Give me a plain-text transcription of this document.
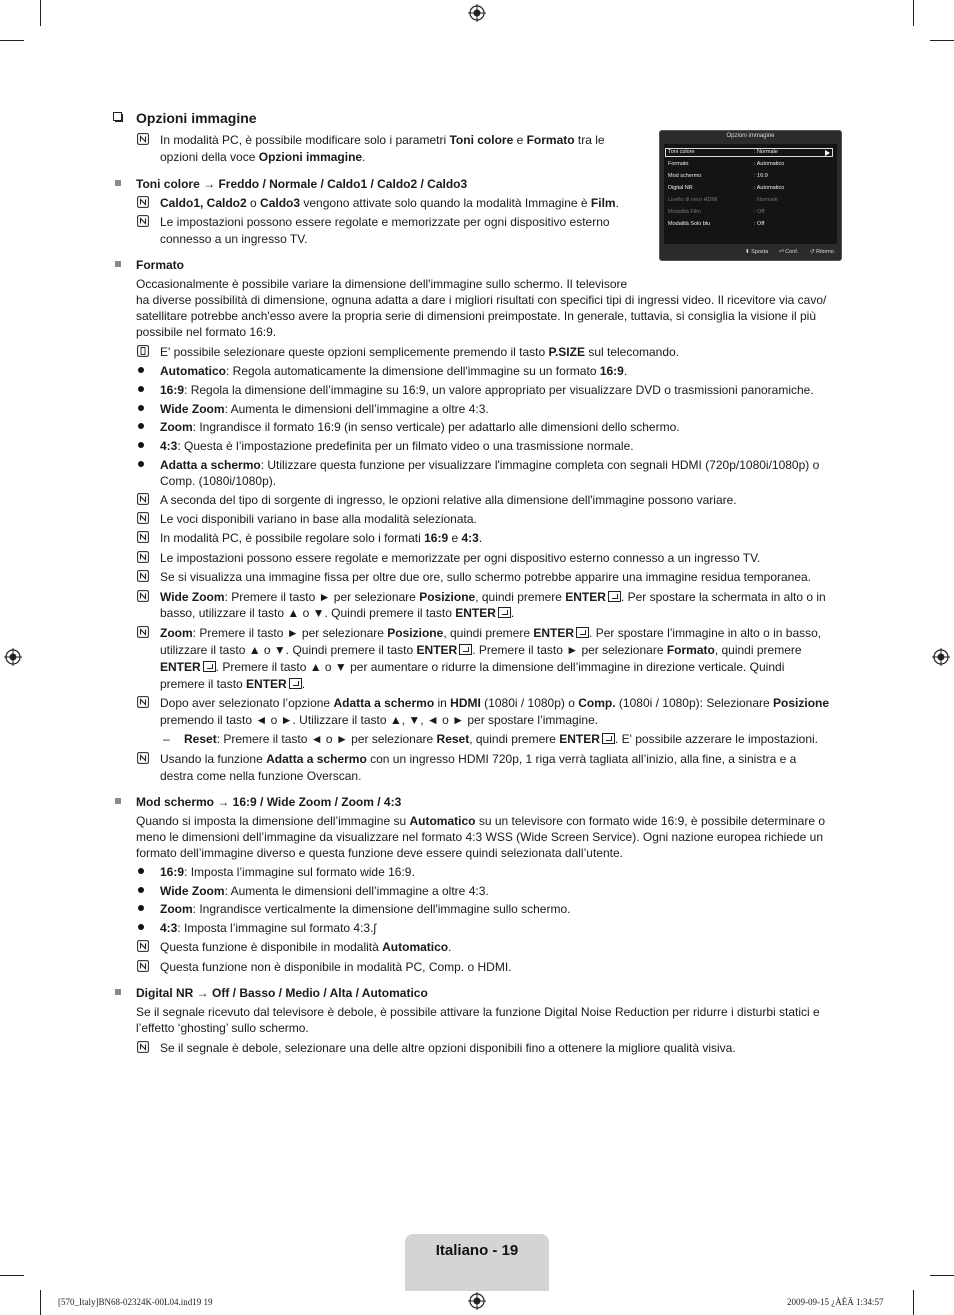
Opzioni immagine
In modalità PC, è possibile modificare solo i parametri Toni colore e Formato tra le
opzioni della voce Opzioni immagine.
Opzioni immagine
Toni colore	: Normale
Formato	: Automatico
Mod schermo	: 16:9
Digital NR	: Automatico
Livello di nero HDMI	: Normale
Modalità Film	: Off
Modalità Solo blu	: Off
⬍ Sposta ⏎ Conf. ↺ Ritorno
Toni colore → Freddo / Normale / Caldo1 / Caldo2 / Caldo3
Caldo1, Caldo2 o Caldo3 vengono attivate solo quando la modalità Immagine è Film.
Le impostazioni possono essere regolate e memorizzate per ogni dispositivo esterno
connesso a un ingresso TV.
Formato
Occasionalmente è possibile variare la dimensione dell'immagine sullo schermo. Il televisore
ha diverse possibilità di dimensione, ognuna adatta a dare i migliori risultati con specifici tipi di ingressi video. Il ricevitore via cavo/
satellitare potrebbe anch'esso avere la propria serie di dimensioni preimpostate. In generale, tuttavia, si consiglia la visione il più
possibile nel formato 16:9.
E' possibile selezionare queste opzioni semplicemente premendo il tasto P.SIZE sul telecomando.
Automatico: Regola automaticamente la dimensione dell'immagine su un formato 16:9.
16:9: Regola la dimensione dell’immagine su 16:9, un valore appropriato per visualizzare DVD o trasmissioni panoramiche.
Wide Zoom: Aumenta le dimensioni dell’immagine a oltre 4:3.
Zoom: Ingrandisce il formato 16:9 (in senso verticale) per adattarlo alle dimensioni dello schermo.
4:3: Questa è l’impostazione predefinita per un filmato video o una trasmissione normale.
Adatta a schermo: Utilizzare questa funzione per visualizzare l'immagine completa con segnali HDMI (720p/1080i/1080p) o
Comp. (1080i/1080p).
A seconda del tipo di sorgente di ingresso, le opzioni relative alla dimensione dell'immagine possono variare.
Le voci disponibili variano in base alla modalità selezionata.
In modalità PC, è possibile regolare solo i formati 16:9 e 4:3.
Le impostazioni possono essere regolate e memorizzate per ogni dispositivo esterno connesso a un ingresso TV.
Se si visualizza una immagine fissa per oltre due ore, sullo schermo potrebbe apparire una immagine residua temporanea.
Wide Zoom: Premere il tasto ► per selezionare Posizione, quindi premere ENTER . Per spostare la schermata in alto o in
basso, utilizzare il tasto ▲ o ▼. Quindi premere il tasto ENTER .
Zoom: Premere il tasto ► per selezionare Posizione, quindi premere ENTER . Per spostare l’immagine in alto o in basso,
utilizzare il tasto ▲ o ▼. Quindi premere il tasto ENTER . Premere il tasto ► per selezionare Formato, quindi premere
ENTER . Premere il tasto ▲ o ▼ per aumentare o ridurre la dimensione dell’immagine in direzione verticale. Quindi
premere il tasto ENTER .
Dopo aver selezionato l’opzione Adatta a schermo in HDMI (1080i / 1080p) o Comp. (1080i / 1080p): Selezionare Posizione
premendo il tasto ◄ o ►. Utilizzare il tasto ▲, ▼, ◄ o ► per spostare l’immagine.
– Reset: Premere il tasto ◄ o ► per selezionare Reset, quindi premere ENTER . E' possibile azzerare le impostazioni.
Usando la funzione Adatta a schermo con un ingresso HDMI 720p, 1 riga verrà tagliata all’inizio, alla fine, a sinistra e a
destra come nella funzione Overscan.
Mod schermo → 16:9 / Wide Zoom / Zoom / 4:3
Quando si imposta la dimensione dell’immagine su Automatico su un televisore con formato wide 16:9, è possibile determinare o
meno le dimensioni dell’immagine da visualizzare nel formato 4:3 WSS (Wide Screen Service). Ogni nazione europea richiede un
formato dell’immagine diverso e questa funzione deve essere quindi selezionata dall’utente.
16:9: Imposta l’immagine sul formato wide 16:9.
Wide Zoom: Aumenta le dimensioni dell’immagine a oltre 4:3.
Zoom: Ingrandisce verticalmente la dimensione dell'immagine sullo schermo.
4:3: Imposta l’immagine sul formato 4:3.ʃ
Questa funzione è disponibile in modalità Automatico.
Questa funzione non è disponibile in modalità PC, Comp. o HDMI.
Digital NR → Off / Basso / Medio / Alta / Automatico
Se il segnale ricevuto dal televisore è debole, è possibile attivare la funzione Digital Noise Reduction per ridurre i disturbi statici e
l’effetto ‘ghosting’ sullo schermo.
Se il segnale è debole, selezionare una delle altre opzioni disponibili fino a ottenere la migliore qualità visiva.
Italiano - 19
[570_Italy]BN68-02324K-00L04.ind19 19	2009-09-15 ¿ÀÈÄ 1:34:57
